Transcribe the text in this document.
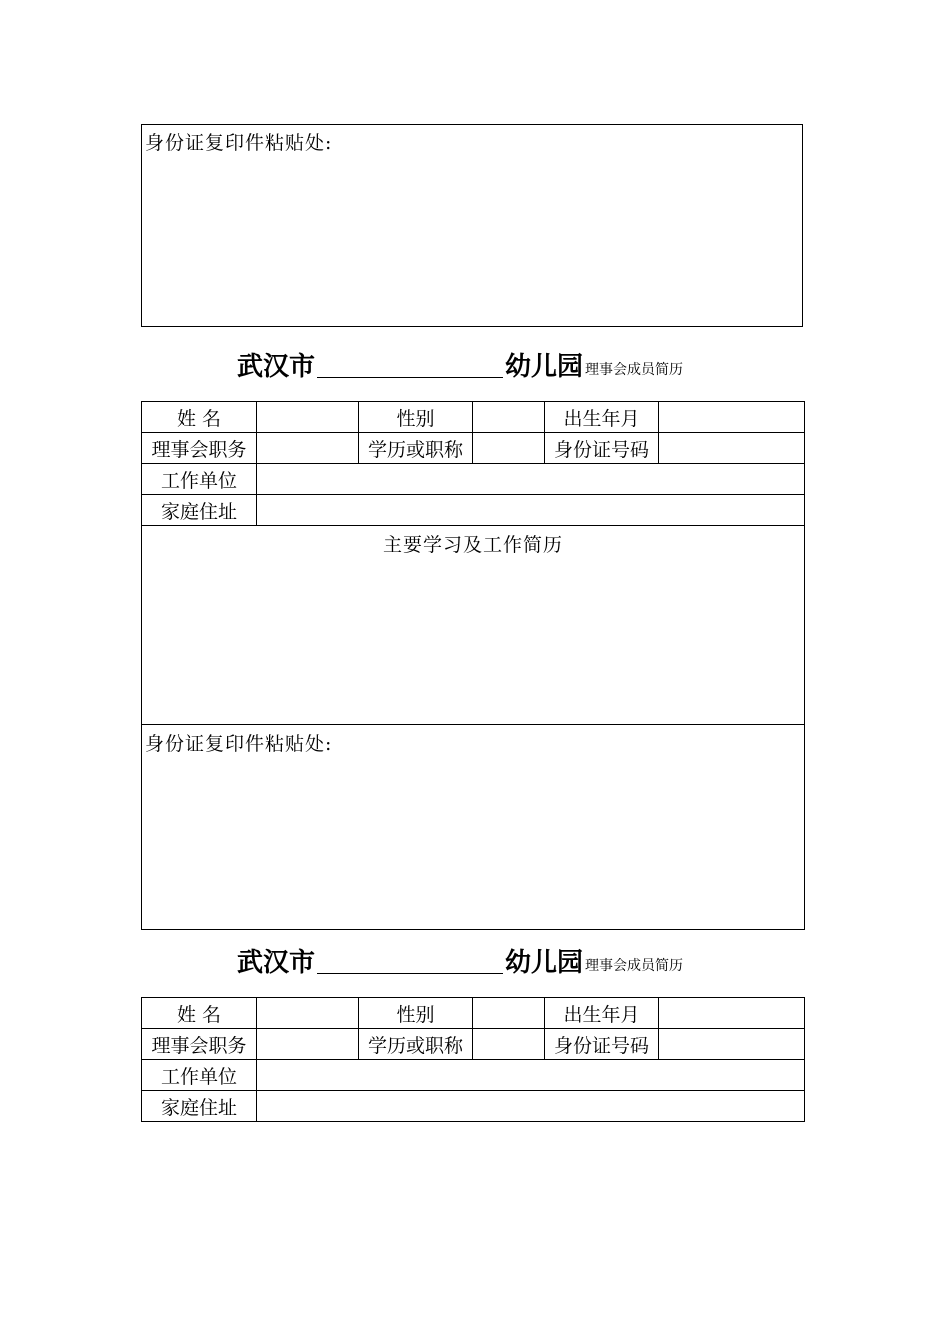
身份证复印件粘贴处:
武汉市	幼儿园 理事会成员简历
姓 名		性别		出生年月	
理事会职务		学历或职称		身份证号码	
工作单位					
家庭住址					
主要学习及工作简历					
身份证复印件粘贴处:					
武汉市	幼儿园 理事会成员简历
姓 名		性别		出生年月	
理事会职务		学历或职称		身份证号码	
工作单位					
家庭住址					
